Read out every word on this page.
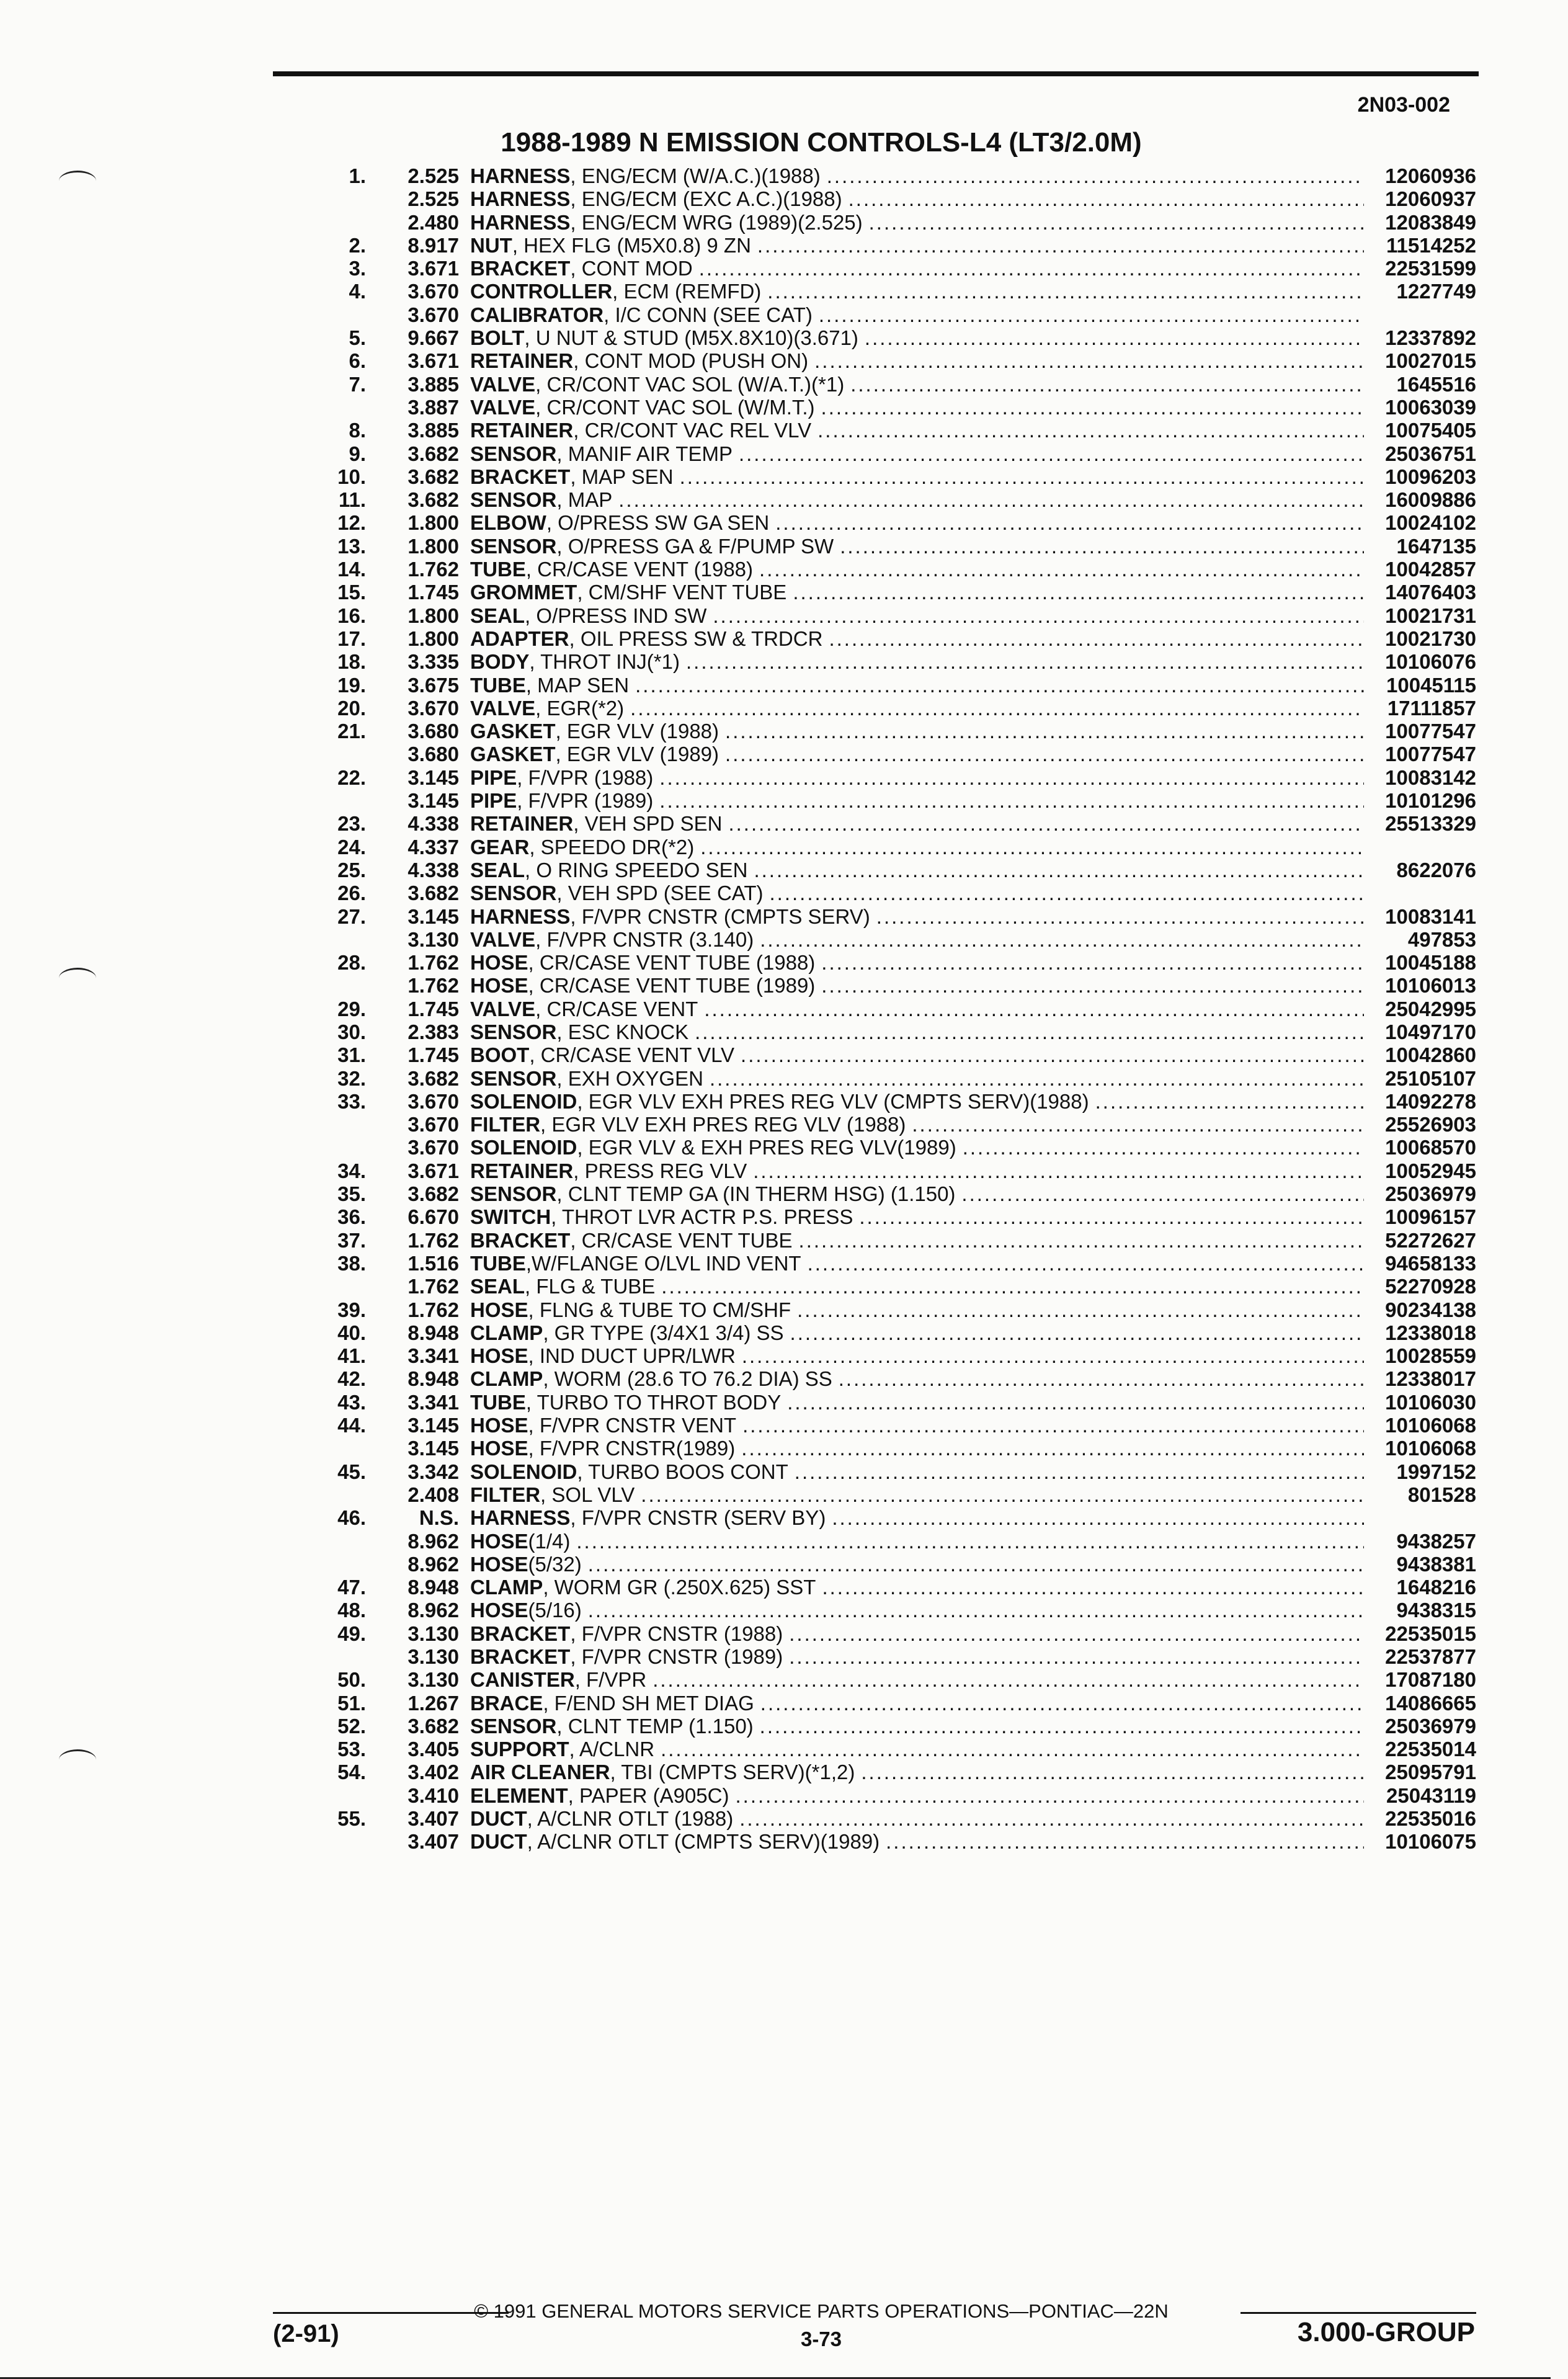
2N03-002
1988-1989 N EMISSION CONTROLS-L4 (LT3/2.0M)
1.	2.525 HARNESS , ENG/ECM (W/A.C.)(1988) .....	12060936
2.525 HARNESS , ENG/ECM (EXC A.C.)(1988) .....	12060937
2.480 HARNESS , ENG/ECM WRG (1989)(2.525) .....	12083849
2.	8.917 NUT , HEX FLG (M5X0.8) 9 ZN .....	11514252
3.	3.671 BRACKET , CONT MOD .....	22531599
4.	3.670 CONTROLLER , ECM (REMFD) .....	1227749
3.670 CALIBRATOR , I/C CONN (SEE CAT)
.....
5.	9.667 BOLT , U NUT & STUD (M5X.8X10)(3.671) .....	12337892
6.	3.671 RETAINER , CONT MOD (PUSH ON) .....	10027015
7.	3.885 VALVE , CR/CONT VAC SOL (W/A.T.)(*1) .....	1645516
3.887 VALVE , CR/CONT VAC SOL (W/M.T.) .....	10063039
8.	3.885 RETAINER , CR/CONT VAC REL VLV .....	10075405
9.	3.682 SENSOR , MANIF AIR TEMP .....	25036751
10.	3.682 BRACKET , MAP SEN .....	10096203
11.	3.682 SENSOR , MAP .....	16009886
12.	1.800 ELBOW , O/PRESS SW GA SEN .....	10024102
13.	1.800 SENSOR , O/PRESS GA & F/PUMP SW .....	1647135
14.	1.762 TUBE , CR/CASE VENT (1988) .....	10042857
15.	1.745 GROMMET , CM/SHF VENT TUBE .....	14076403
16.	1.800 SEAL , O/PRESS IND SW .....	10021731
17.	1.800 ADAPTER , OIL PRESS SW & TRDCR .....	10021730
18.	3.335 BODY , THROT INJ(*1) .....	10106076
19.	3.675 TUBE , MAP SEN .....	10045115
20.	3.670 VALVE , EGR(*2) .....	17111857
21.	3.680 GASKET , EGR VLV (1988) .....	10077547
3.680 GASKET , EGR VLV (1989) .....	10077547
22.	3.145 PIPE , F/VPR (1988) .....	10083142
3.145 PIPE , F/VPR (1989) .....	10101296
23.	4.338 RETAINER , VEH SPD SEN .....	25513329
24.	4.337 GEAR , SPEEDO DR(*2)
.....
25.	4.338 SEAL , O RING SPEEDO SEN .....	8622076
26.	3.682 SENSOR , VEH SPD (SEE CAT)
.....
27.	3.145 HARNESS , F/VPR CNSTR (CMPTS SERV) .....	10083141
3.130 VALVE , F/VPR CNSTR (3.140) .....	497853
28.	1.762 HOSE , CR/CASE VENT TUBE (1988) .....	10045188
1.762 HOSE , CR/CASE VENT TUBE (1989) .....	10106013
29.	1.745 VALVE , CR/CASE VENT .....	25042995
30.	2.383 SENSOR , ESC KNOCK .....	10497170
31.	1.745 BOOT , CR/CASE VENT VLV .....	10042860
32.	3.682 SENSOR , EXH OXYGEN .....	25105107
33.	3.670 SOLENOID , EGR VLV EXH PRES REG VLV (CMPTS SERV)(1988) .....	14092278
3.670 FILTER , EGR VLV EXH PRES REG VLV (1988) .....	25526903
3.670 SOLENOID , EGR VLV & EXH PRES REG VLV(1989) .....	10068570
34.	3.671 RETAINER , PRESS REG VLV .....	10052945
35.	3.682 SENSOR , CLNT TEMP GA (IN THERM HSG) (1.150) .....	25036979
36.	6.670 SWITCH , THROT LVR ACTR P.S. PRESS .....	10096157
37.	1.762 BRACKET , CR/CASE VENT TUBE .....	52272627
38.	1.516 TUBE ,W/FLANGE O/LVL IND VENT .....	94658133
1.762 SEAL , FLG & TUBE .....	52270928
39.	1.762 HOSE , FLNG & TUBE TO CM/SHF .....	90234138
40.	8.948 CLAMP , GR TYPE (3/4X1 3/4) SS .....	12338018
41.	3.341 HOSE , IND DUCT UPR/LWR .....	10028559
42.	8.948 CLAMP , WORM (28.6 TO 76.2 DIA) SS .....	12338017
43.	3.341 TUBE , TURBO TO THROT BODY .....	10106030
44.	3.145 HOSE , F/VPR CNSTR VENT .....	10106068
3.145 HOSE , F/VPR CNSTR(1989) .....	10106068
45.	3.342 SOLENOID , TURBO BOOS CONT .....	1997152
2.408 FILTER , SOL VLV .....	801528
46.	N.S. HARNESS , F/VPR CNSTR (SERV BY)
.....
8.962 HOSE (1/4) .....	9438257
8.962 HOSE (5/32) .....	9438381
47.	8.948 CLAMP , WORM GR (.250X.625) SST .....	1648216
48.	8.962 HOSE (5/16) .....	9438315
49.	3.130 BRACKET , F/VPR CNSTR (1988) .....	22535015
3.130 BRACKET , F/VPR CNSTR (1989) .....	22537877
50.	3.130 CANISTER , F/VPR .....	17087180
51.	1.267 BRACE , F/END SH MET DIAG .....	14086665
52.	3.682 SENSOR , CLNT TEMP (1.150) .....	25036979
53.	3.405 SUPPORT , A/CLNR .....	22535014
54.	3.402 AIR CLEANER , TBI (CMPTS SERV)(*1,2) .....	25095791
3.410 ELEMENT , PAPER (A905C) .....	25043119
55.	3.407 DUCT , A/CLNR OTLT (1988) .....	22535016
3.407 DUCT , A/CLNR OTLT (CMPTS SERV)(1989) .....	10106075
© 1991 GENERAL MOTORS SERVICE PARTS OPERATIONS—PONTIAC—22N
(2-91)	3-73	3.000-GROUP
